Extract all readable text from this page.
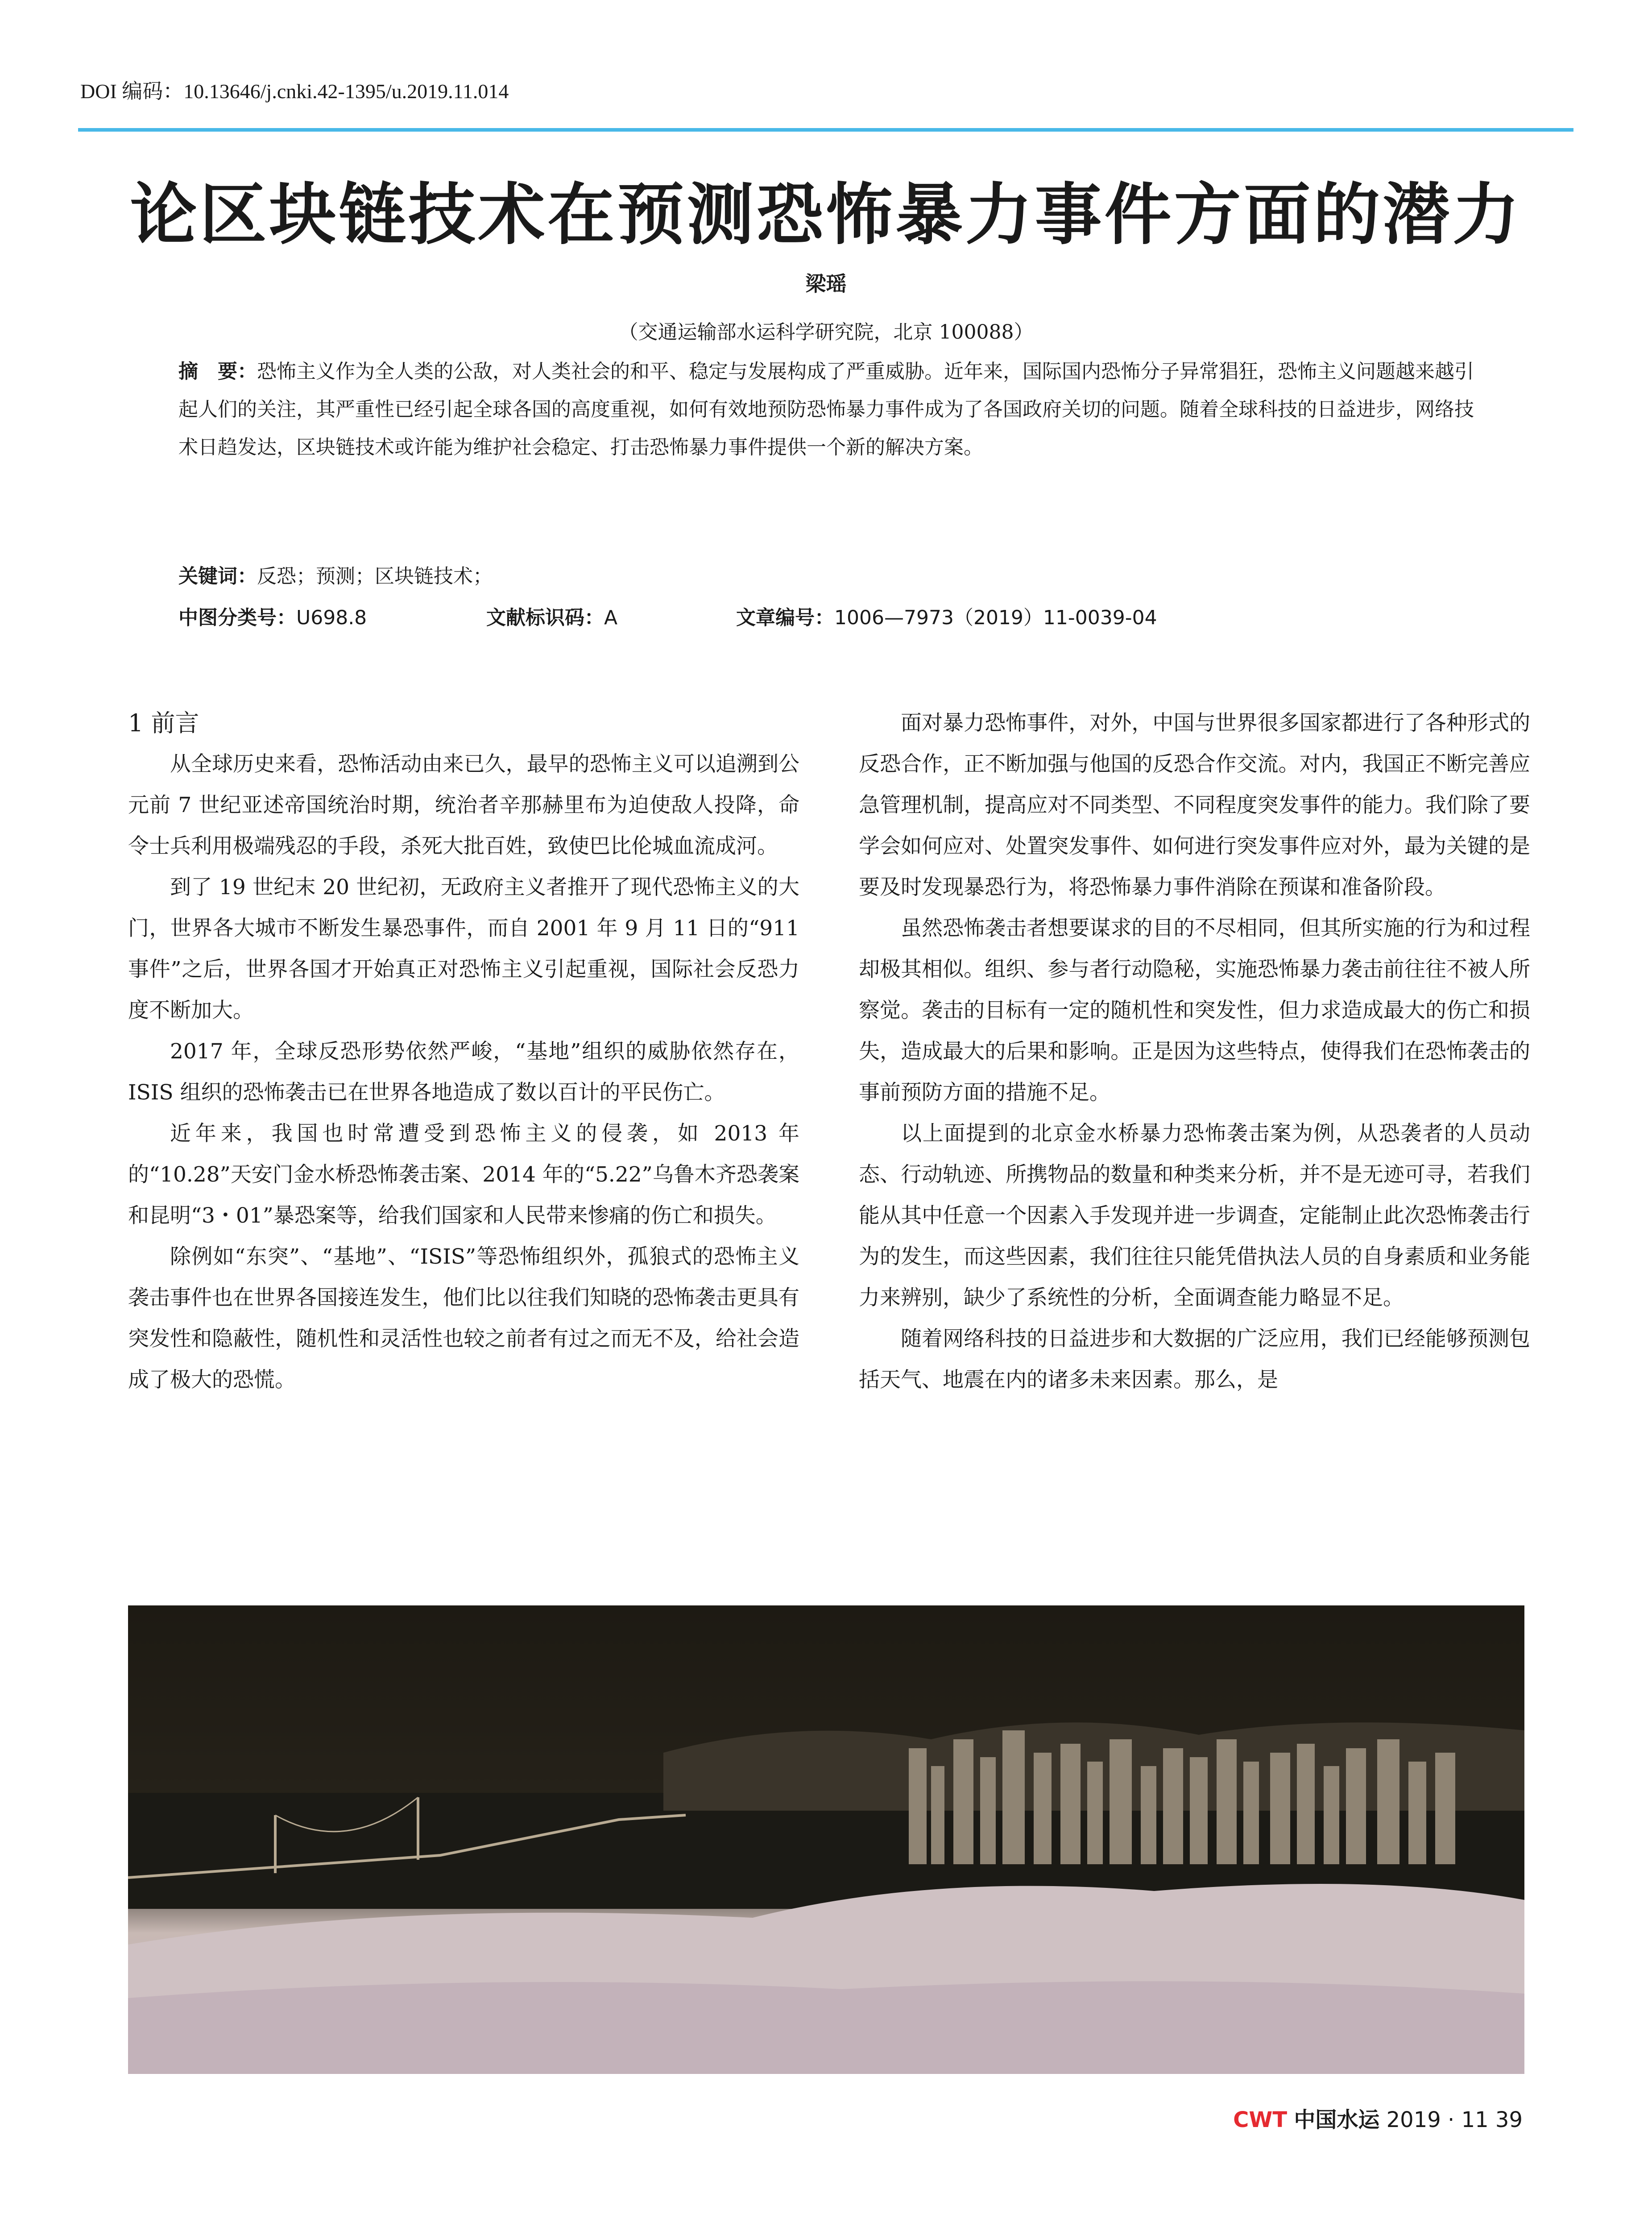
DOI 编码：10.13646/j.cnki.42-1395/u.2019.11.014
论区块链技术在预测恐怖暴力事件方面的潜力
梁瑶
（交通运输部水运科学研究院，北京 100088）
摘　要：恐怖主义作为全人类的公敌，对人类社会的和平、稳定与发展构成了严重威胁。近年来，国际国内恐怖分子异常猖狂，恐怖主义问题越来越引起人们的关注，其严重性已经引起全球各国的高度重视，如何有效地预防恐怖暴力事件成为了各国政府关切的问题。随着全球科技的日益进步，网络技术日趋发达，区块链技术或许能为维护社会稳定、打击恐怖暴力事件提供一个新的解决方案。
关键词：反恐；预测；区块链技术；
中图分类号：U698.8	文献标识码：A	文章编号：1006—7973（2019）11-0039-04
1 前言

从全球历史来看，恐怖活动由来已久，最早的恐怖主义可以追溯到公元前 7 世纪亚述帝国统治时期，统治者辛那赫里布为迫使敌人投降，命令士兵利用极端残忍的手段，杀死大批百姓，致使巴比伦城血流成河。

到了 19 世纪末 20 世纪初，无政府主义者推开了现代恐怖主义的大门，世界各大城市不断发生暴恐事件，而自 2001 年 9 月 11 日的“911 事件”之后，世界各国才开始真正对恐怖主义引起重视，国际社会反恐力度不断加大。

2017 年，全球反恐形势依然严峻，“基地”组织的威胁依然存在，ISIS 组织的恐怖袭击已在世界各地造成了数以百计的平民伤亡。

近年来，我国也时常遭受到恐怖主义的侵袭，如 2013 年的“10.28”天安门金水桥恐怖袭击案、2014 年的“5.22”乌鲁木齐恐袭案和昆明“3・01”暴恐案等，给我们国家和人民带来惨痛的伤亡和损失。

除例如“东突”、“基地”、“ISIS”等恐怖组织外，孤狼式的恐怖主义袭击事件也在世界各国接连发生，他们比以往我们知晓的恐怖袭击更具有突发性和隐蔽性，随机性和灵活性也较之前者有过之而无不及，给社会造成了极大的恐慌。

面对暴力恐怖事件，对外，中国与世界很多国家都进行了各种形式的反恐合作，正不断加强与他国的反恐合作交流。对内，我国正不断完善应急管理机制，提高应对不同类型、不同程度突发事件的能力。我们除了要学会如何应对、处置突发事件、如何进行突发事件应对外，最为关键的是要及时发现暴恐行为，将恐怖暴力事件消除在预谋和准备阶段。

虽然恐怖袭击者想要谋求的目的不尽相同，但其所实施的行为和过程却极其相似。组织、参与者行动隐秘，实施恐怖暴力袭击前往往不被人所察觉。袭击的目标有一定的随机性和突发性，但力求造成最大的伤亡和损失，造成最大的后果和影响。正是因为这些特点，使得我们在恐怖袭击的事前预防方面的措施不足。

以上面提到的北京金水桥暴力恐怖袭击案为例，从恐袭者的人员动态、行动轨迹、所携物品的数量和种类来分析，并不是无迹可寻，若我们能从其中任意一个因素入手发现并进一步调查，定能制止此次恐怖袭击行为的发生，而这些因素，我们往往只能凭借执法人员的自身素质和业务能力来辨别，缺少了系统性的分析，全面调查能力略显不足。

随着网络科技的日益进步和大数据的广泛应用，我们已经能够预测包括天气、地震在内的诸多未来因素。那么，是

CWT 中国水运 2019 · 11 39
